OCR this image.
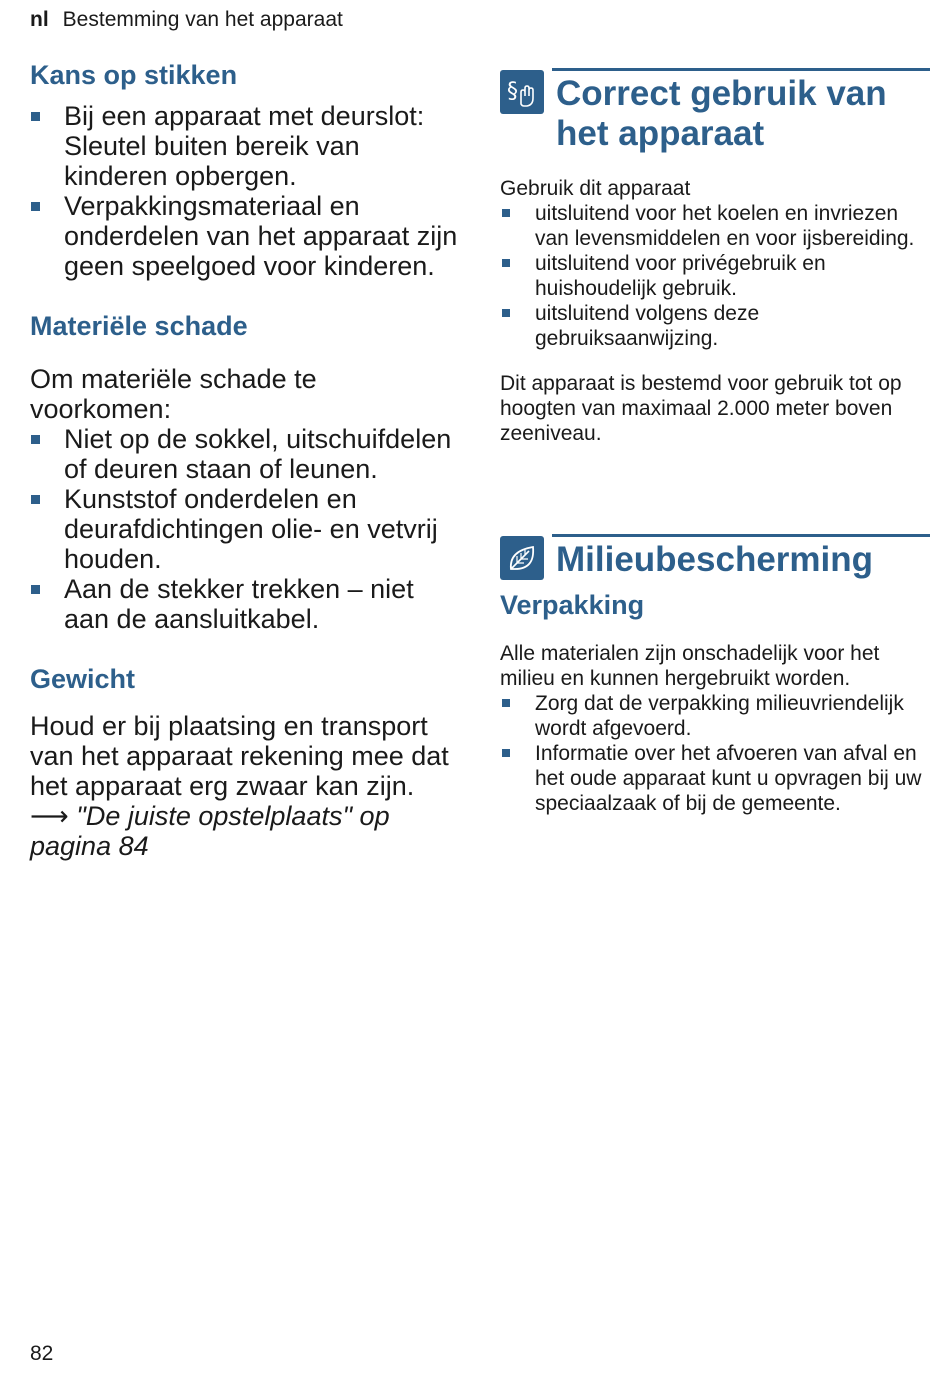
nl Bestemming van het apparaat
Kans op stikken
Bij een apparaat met deurslot: Sleutel buiten bereik van kinderen opbergen.
Verpakkingsmateriaal en onderdelen van het apparaat zijn geen speelgoed voor kinderen.
Materiële schade
Om materiële schade te voorkomen:
Niet op de sokkel, uitschuifdelen of deuren staan of leunen.
Kunststof onderdelen en deurafdichtingen olie- en vetvrij houden.
Aan de stekker trekken – niet aan de aansluitkabel.
Gewicht
Houd er bij plaatsing en transport van het apparaat rekening mee dat het apparaat erg zwaar kan zijn.
⟶ "De juiste opstelplaats" op pagina 84
§	Correct gebruik van het apparaat
Gebruik dit apparaat
uitsluitend voor het koelen en invriezen van levensmiddelen en voor ijsbereiding.
uitsluitend voor privégebruik en huishoudelijk gebruik.
uitsluitend volgens deze gebruiksaanwijzing.
Dit apparaat is bestemd voor gebruik tot op hoogten van maximaal 2.000 meter boven zeeniveau.
Milieubescherming
Verpakking
Alle materialen zijn onschadelijk voor het milieu en kunnen hergebruikt worden.
Zorg dat de verpakking milieuvriendelijk wordt afgevoerd.
Informatie over het afvoeren van afval en het oude apparaat kunt u opvragen bij uw speciaalzaak of bij de gemeente.
82
